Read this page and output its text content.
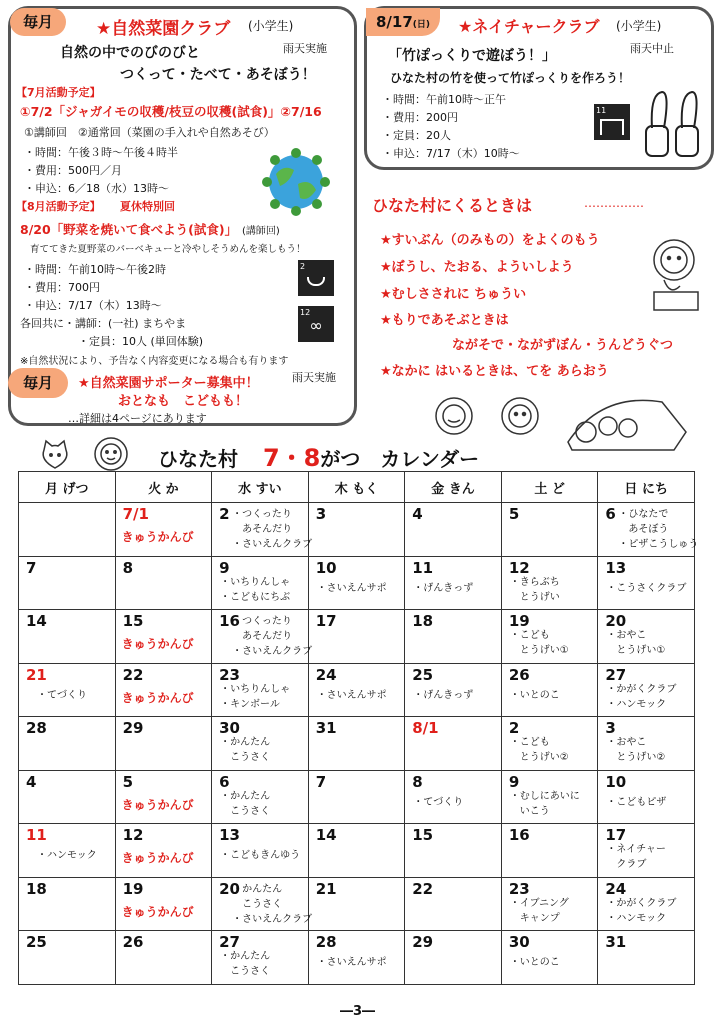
毎月	★自然菜園クラブ (小学生)
雨天実施
自然の中でのびのびと
つくって・たべて・あそぼう！
【7月活動予定】
①7/2「ジャガイモの収穫/枝豆の収穫(試食)」②7/16
①講師回　②通常回（菜園の手入れや自然あそび）
・時間：午後３時〜午後４時半
・費用：500円／月
・申込：6／18（水）13時〜
【8月活動予定】 夏休特別回
8/20「野菜を焼いて食べよう(試食)」 (講師回)
育ててきた夏野菜のバーベキューと冷やしそうめんを楽しもう！
・時間：午前10時〜午後2時
・費用：700円
・申込：7/17（木）13時〜
各回共に・講師：(一社) まちやま
・定員：10人 (単回体験)
※自然状況により、予告なく内容変更になる場合も有ります
2
12
∞
毎月	★自然菜園サポーター募集中！	雨天実施
おとなも　こどもも！
…詳細は4ページにあります
8/17(日)	★ネイチャークラブ (小学生)
雨天中止
「竹ぽっくりで遊ぼう！」
ひなた村の竹を使って竹ぽっくりを作ろう！
・時間：午前10時〜正午
・費用：200円
・定員：20人
・申込：7/17（木）10時〜
11
ひなた村にくるときは	……………
★すいぶん（のみもの）をよくのもう
★ぼうし、たおる、よういしよう
★むしさされに ちゅうい
★もりであそぶときは
ながそで・ながずぼん・うんどうぐつ
★なかに はいるときは、てを あらおう
ひなた村 7・8がつ　カレンダー
月 げつ	火 か	水 すい	木 もく	金 きん	土 ど	日 にち

	7/1
きゅうかんび	2 ・つくったり
　あそんだり
・さいえんクラブ	3	4	5	6 ・ひなたで
　あそぼう
・ピザこうしゅう

7	8	9
・いちりんしゃ
・こどもにちぶ	10
・さいえんサポ	11
・げんきっず	12
・きらぶち
　とうげい	13
・こうさくクラブ

14	15
きゅうかんび	16
・つくったり
　あそんだり
・さいえんクラブ	17	18	19
・こども
　とうげい①	20
・おやこ
　とうげい①

21
・てづくり	22
きゅうかんび	23
・いちりんしゃ
・キンボール	24
・さいえんサポ	25
・げんきっず	26
・いとのこ	27
・かがくクラブ
・ハンモック

28	29	30
・かんたん
　こうさく	31	8/1	2
・こども
　とうげい②	3
・おやこ
　とうげい②

4	5
きゅうかんび	6
・かんたん
　こうさく	7	8
・てづくり	9
・むしにあいに
　いこう	10
・こどもピザ

11
・ハンモック	12
きゅうかんび	13
・こどもきんゆう	14	15	16	17
・ネイチャー
　クラブ

18	19
きゅうかんび	20
・かんたん
　こうさく
・さいえんクラブ	21	22	23
・イブニング
　キャンプ	24
・かがくクラブ
・ハンモック

25	26	27
・かんたん
　こうさく	28
・さいえんサポ	29	30
・いとのこ	31
―3―
